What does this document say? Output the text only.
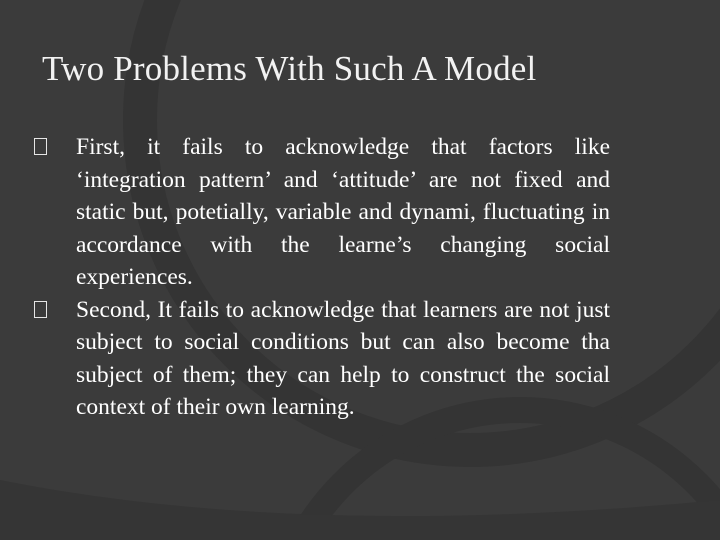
Two Problems With Such A Model

First, it fails to acknowledge that factors like ‘integration pattern’ and ‘attitude’ are not fixed and static but, potetially, variable and dynami, fluctuating in accordance with the learne’s changing social experiences.

Second, It fails to acknowledge that learners are not just subject to social conditions but can also become tha subject of them; they can help to construct the social context of their own learning.
